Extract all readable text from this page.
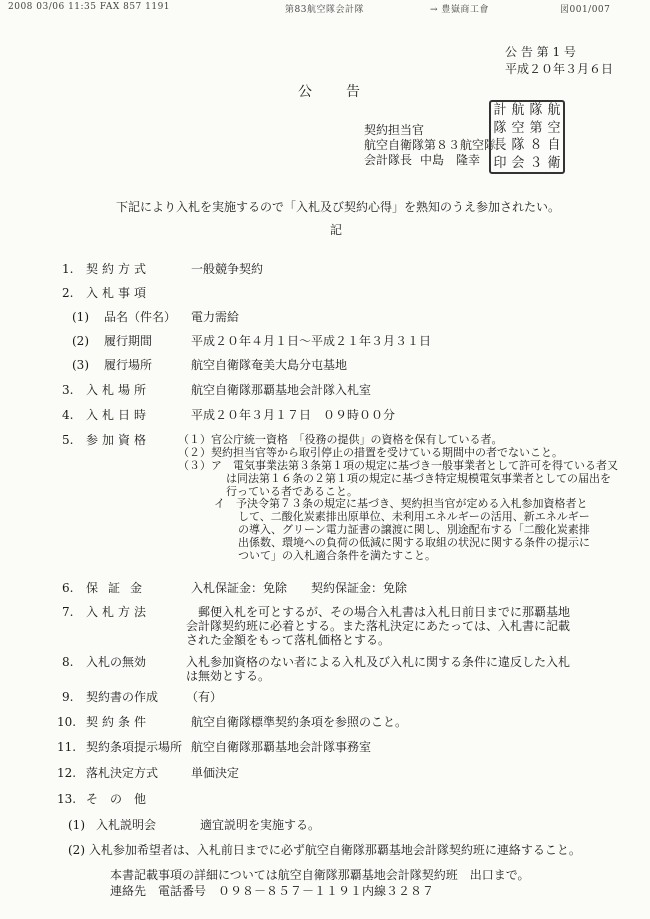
2008 03/06 11:35 FAX 857 1191	第83航空隊会計隊	→ 豊嶽商工會	図001/007
公 告 第 1 号
平成２０年３月６日
公告
契約担当官
航空自衛隊第８３航空隊
会計隊長 中島　隆幸
計 航 隊 航
隊 空 第 空
長 隊 ８ 自
印 会 ３ 衛
下記により入札を実施するので「入札及び契約心得」を熟知のうえ参加されたい。
記
1. 契約方式	一般競争契約
2. 入札事項
(1) 品名（件名） 電力需給
(2) 履行期間	平成２０年４月１日～平成２１年３月３１日
(3) 履行場所	航空自衛隊奄美大島分屯基地
3. 入札場所	航空自衛隊那覇基地会計隊入札室
4. 入札日時	平成２０年３月１７日　０９時００分
5. 参加資格	（１）官公庁統一資格　「役務の提供」の資格を保有している者。
（２）契約担当官等から取引停止の措置を受けている期間中の者でないこと。
（３）ア　電気事業法第３条第１項の規定に基づき一般事業者として許可を得ている者又は同法第１６条の２第１項の規定に基づき特定規模電気事業者としての届出を行っている者であること。
イ　予決令第７３条の規定に基づき、契約担当官が定める入札参加資格者として、二酸化炭素排出原単位、未利用エネルギーの活用、新エネルギーの導入、グリーン電力証書の譲渡に関し、別途配布する「二酸化炭素排出係数、環境への負荷の低減に関する取組の状況に関する条件の提示について」の入札適合条件を満たすこと。
6. 保証金	入札保証金：免除　　契約保証金：免除
7. 入札方法	郵便入札を可とするが、その場合入札書は入札日前日までに那覇基地会計隊契約班に必着とする。また落札決定にあたっては、入札書に記載された金額をもって落札価格とする。
8. 入札の無効	入札参加資格のない者による入札及び入札に関する条件に違反した入札は無効とする。
9. 契約書の作成 （有）
10. 契約条件	航空自衛隊標準契約条項を参照のこと。
11. 契約条項提示場所 航空自衛隊那覇基地会計隊事務室
12. 落札決定方式	単価決定
13. そ　の　他
(1) 入札説明会	適宜説明を実施する。
(2) 入札参加希望者は、入札前日までに必ず航空自衛隊那覇基地会計隊契約班に連絡すること。
本書記載事項の詳細については航空自衛隊那覇基地会計隊契約班　出口まで。
連絡先　電話番号　０９８－８５７－１１９１内線３２８７
